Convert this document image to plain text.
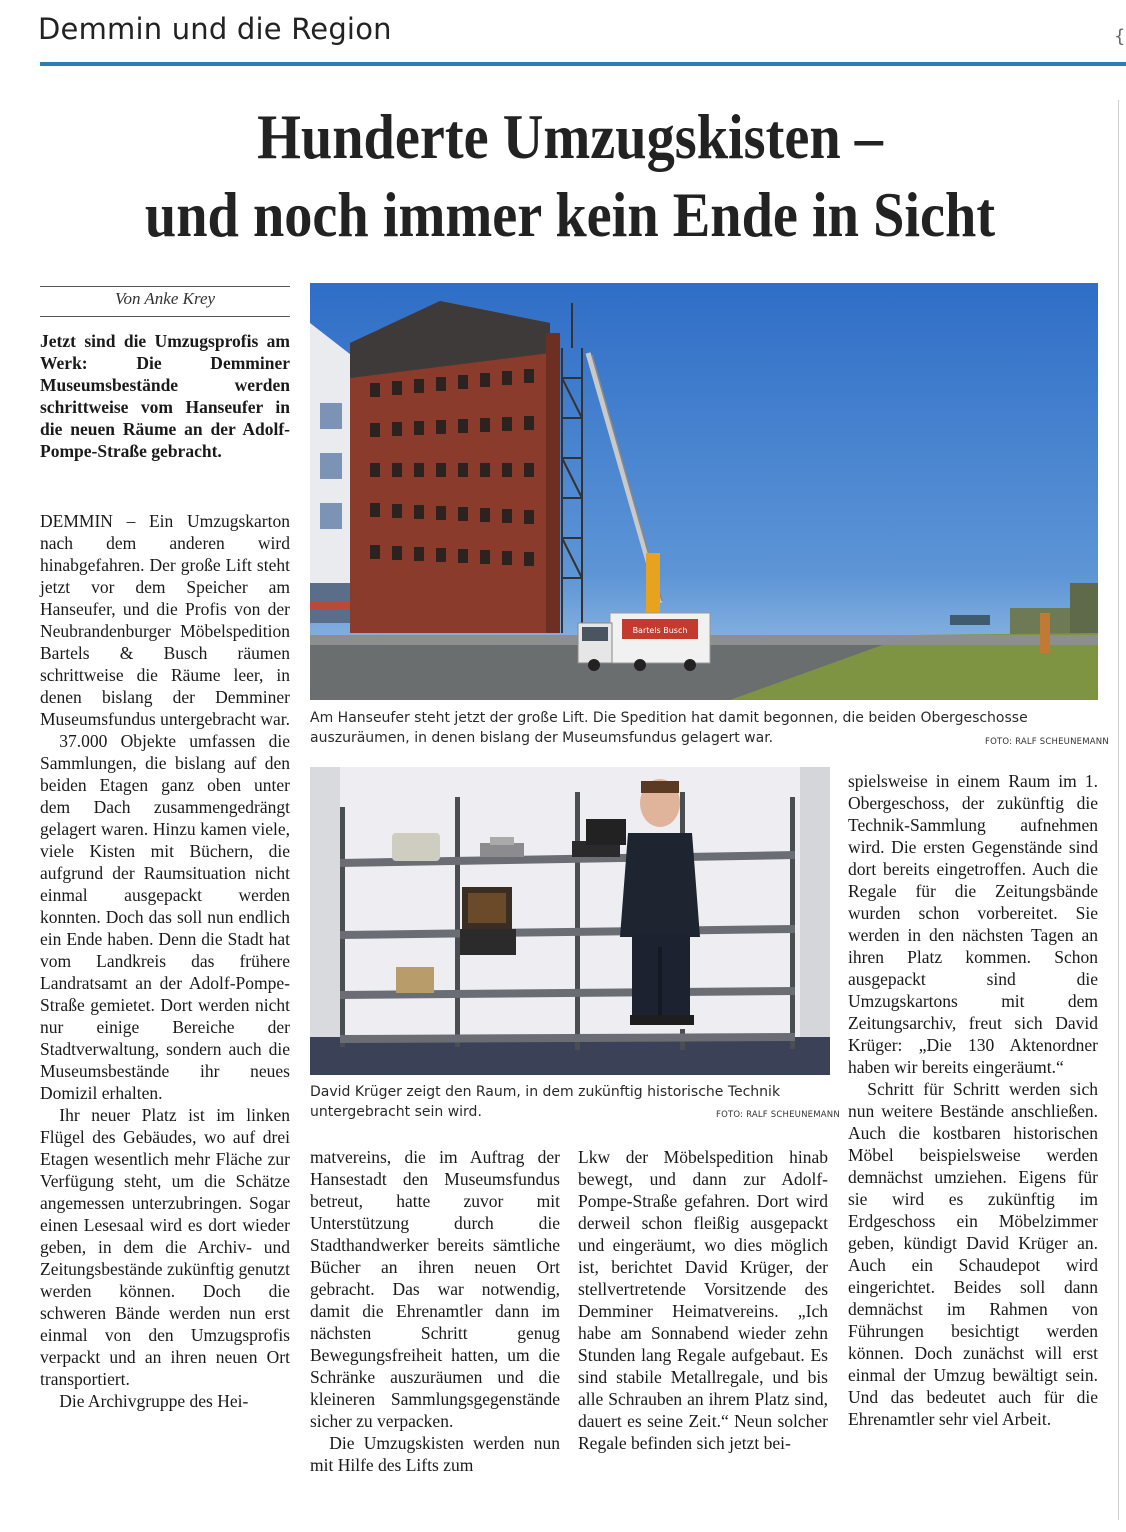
Demmin und die Region	{
Hunderte Umzugskisten –
und noch immer kein Ende in Sicht
Von Anke Krey
Jetzt sind die Umzugsprofis am Werk: Die Demminer Museumsbestände werden schrittweise vom Hanseufer in die neuen Räume an der Adolf-Pompe-Straße gebracht.

DEMMIN – Ein Umzugskarton nach dem anderen wird hinabgefahren. Der große Lift steht jetzt vor dem Speicher am Hanseufer, und die Profis von der Neubrandenburger Möbelspedition Bartels & Busch räumen schrittweise die Räume leer, in denen bislang der Demminer Museumsfundus untergebracht war.

37.000 Objekte umfassen die Sammlungen, die bislang auf den beiden Etagen ganz oben unter dem Dach zusammengedrängt gelagert waren. Hinzu kamen viele, viele Kisten mit Büchern, die aufgrund der Raumsituation nicht einmal ausgepackt werden konnten. Doch das soll nun endlich ein Ende haben. Denn die Stadt hat vom Landkreis das frühere Landratsamt an der Adolf-Pompe-Straße gemietet. Dort werden nicht nur einige Bereiche der Stadtverwaltung, sondern auch die Museumsbestände ihr neues Domizil erhalten.

Ihr neuer Platz ist im linken Flügel des Gebäudes, wo auf drei Etagen wesentlich mehr Fläche zur Verfügung steht, um die Schätze angemessen unterzubringen. Sogar einen Lesesaal wird es dort wieder geben, in dem die Archiv- und Zeitungsbestände zukünftig genutzt werden können. Doch die schweren Bände werden nun erst einmal von den Umzugsprofis verpackt und an ihren neuen Ort transportiert.

Die Archivgruppe des Hei-

Bartels Busch
Am Hanseufer steht jetzt der große Lift. Die Spedition hat damit begonnen, die beiden Obergeschosse auszuräumen, in denen bislang der Museumsfundus gelagert war.	FOTO: RALF SCHEUNEMANN
David Krüger zeigt den Raum, in dem zukünftig historische Technik untergebracht sein wird.	FOTO: RALF SCHEUNEMANN

spielsweise in einem Raum im 1. Obergeschoss, der zukünftig die Technik-Sammlung aufnehmen wird. Die ersten Gegenstände sind dort bereits eingetroffen. Auch die Regale für die Zeitungsbände wurden schon vorbereitet. Sie werden in den nächsten Tagen an ihren Platz kommen. Schon ausgepackt sind die Umzugskartons mit dem Zeitungsarchiv, freut sich David Krüger: „Die 130 Aktenordner haben wir bereits eingeräumt.“

Schritt für Schritt werden sich nun weitere Bestände anschließen. Auch die kostbaren historischen Möbel beispielsweise werden demnächst umziehen. Eigens für sie wird es zukünftig im Erdgeschoss ein Möbelzimmer geben, kündigt David Krüger an. Auch ein Schaudepot wird eingerichtet. Beides soll dann demnächst im Rahmen von Führungen besichtigt werden können. Doch zunächst will erst einmal der Umzug bewältigt sein. Und das bedeutet auch für die Ehrenamtler sehr viel Arbeit.

matvereins, die im Auftrag der Hansestadt den Museumsfundus betreut, hatte zuvor mit Unterstützung durch die Stadthandwerker bereits sämtliche Bücher an ihren neuen Ort gebracht. Das war notwendig, damit die Ehrenamtler dann im nächsten Schritt genug Bewegungsfreiheit hatten, um die Schränke auszuräumen und die kleineren Sammlungsgegenstände sicher zu verpacken.

Die Umzugskisten werden nun mit Hilfe des Lifts zum

Lkw der Möbelspedition hinab bewegt, und dann zur Adolf-Pompe-Straße gefahren. Dort wird derweil schon fleißig ausgepackt und eingeräumt, wo dies möglich ist, berichtet David Krüger, der stellvertretende Vorsitzende des Demminer Heimatvereins. „Ich habe am Sonnabend wieder zehn Stunden lang Regale aufgebaut. Es sind stabile Metallregale, und bis alle Schrauben an ihrem Platz sind, dauert es seine Zeit.“ Neun solcher Regale befinden sich jetzt bei-
